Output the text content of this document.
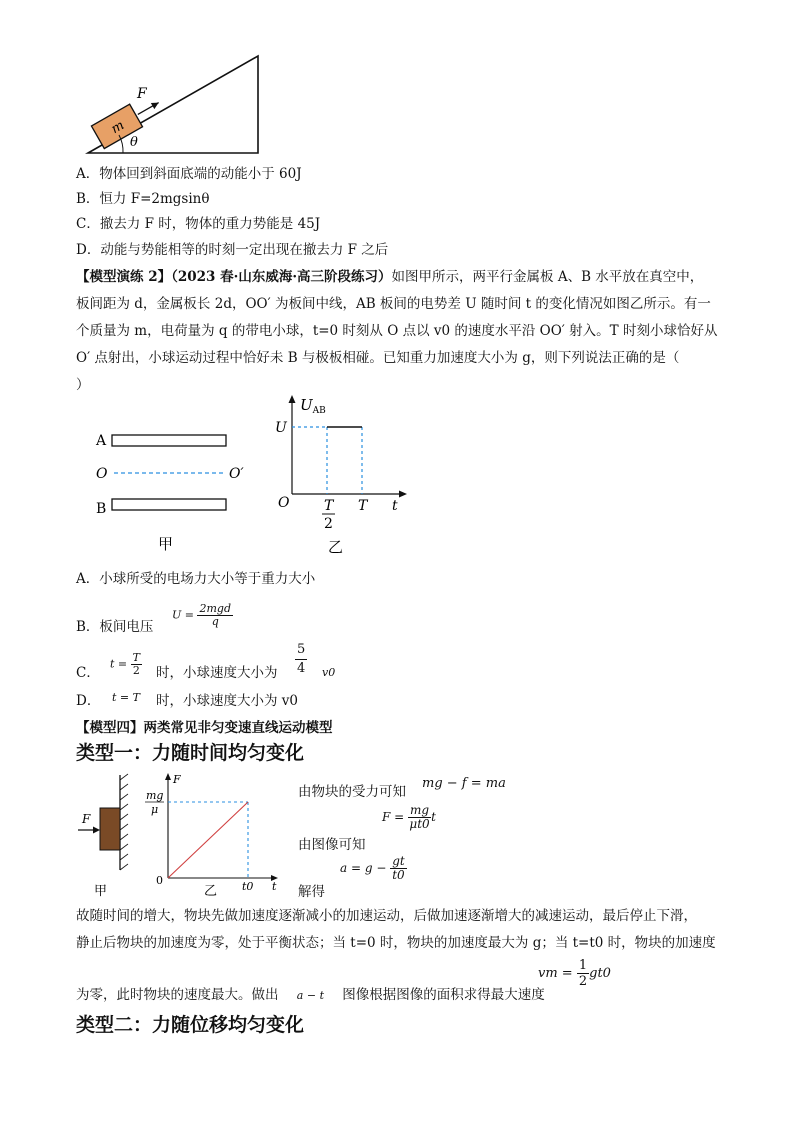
m
F
θ
A．物体回到斜面底端的动能小于 60J
B．恒力 F=2mgsinθ
C．撤去力 F 时，物体的重力势能是 45J
D．动能与势能相等的时刻一定出现在撤去力 F 之后
【模型演练 2】（2023 春·山东威海·高三阶段练习）如图甲所示，两平行金属板 A、B 水平放在真空中，
板间距为 d，金属板长 2d，OO′ 为板间中线，AB 板间的电势差 U 随时间 t 的变化情况如图乙所示。有一
个质量为 m，电荷量为 q 的带电小球，t=0 时刻从 O 点以 v0 的速度水平沿 OO′ 射入。T 时刻小球恰好从
O′ 点射出，小球运动过程中恰好未 B 与极板相碰。已知重力加速度大小为 g，则下列说法正确的是（
）
A
O	O′
B
甲
$U_{AB}$
U
O T
2
T t
乙
A．小球所受的电场力大小等于重力大小
B．板间电压
U = 2mgd
q
C．
$t = \frac{T}{2}$ 时，小球速度大小为
5
4 v0
D． t = T 时，小球速度大小为 v0
【模型四】两类常见非匀变速直线运动模型
类型一：力随时间均匀变化
F
甲
F
mg
μ
0	t0 t
乙
由物块的受力可知
mg − f = ma
$F = \frac{mg}{\mu t0}$ t
由图像可知
$a = g - \frac{gt}{t0}$
解得
故随时间的增大，物块先做加速度逐渐减小的加速运动，后做加速逐渐增大的减速运动，最后停止下滑，
静止后物块的加速度为零，处于平衡状态；当 t=0 时，物块的加速度最大为 g；当 t=t0 时，物块的加速度
为零，此时物块的速度最大。做出 a − t 图像根据图像的面积求得最大速度
vm = $\frac{1}{2} gt0$
类型二：力随位移均匀变化
